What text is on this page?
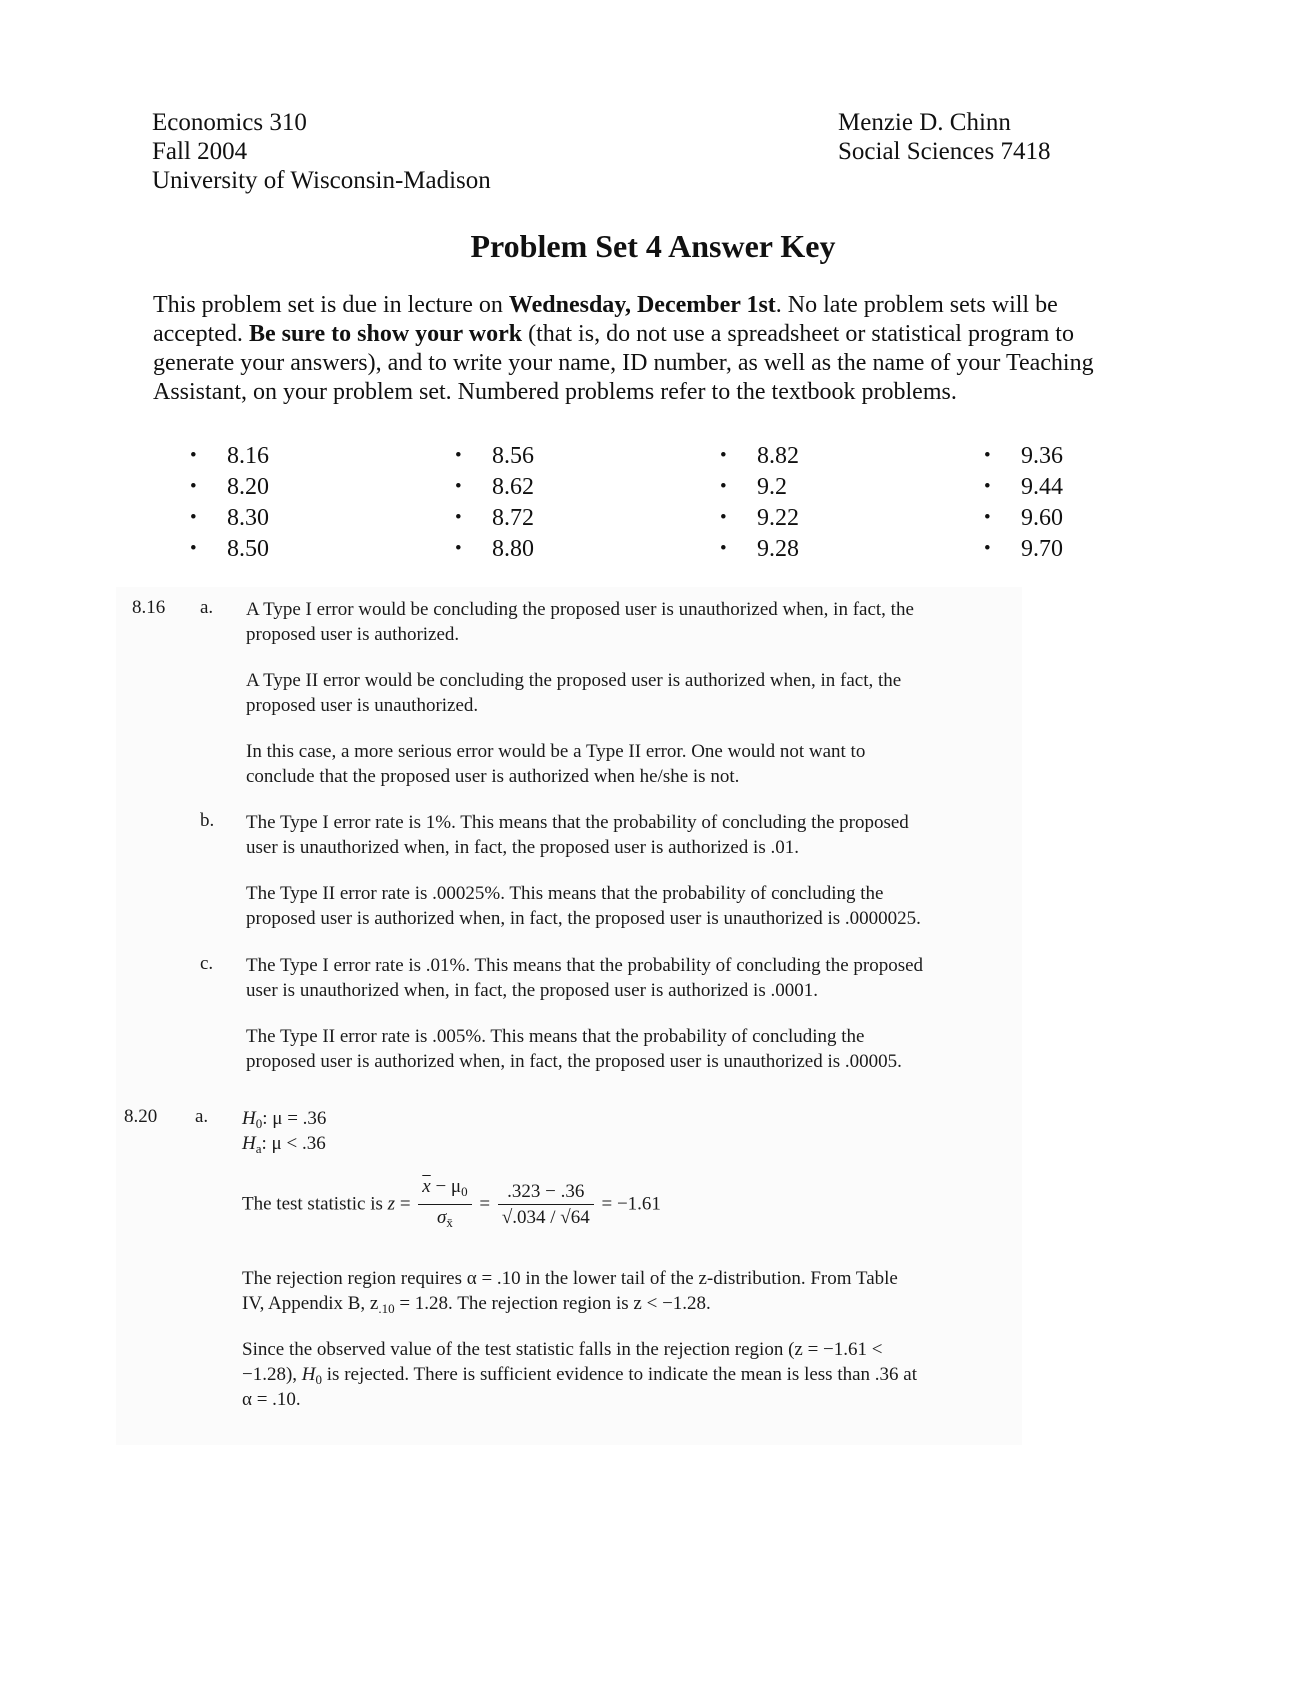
Economics 310
Fall 2004
University of Wisconsin-Madison
Menzie D. Chinn
Social Sciences 7418
Problem Set 4 Answer Key
This problem set is due in lecture on Wednesday, December 1st. No late problem sets will be accepted. Be sure to show your work (that is, do not use a spreadsheet or statistical program to generate your answers), and to write your name, ID number, as well as the name of your Teaching Assistant, on your problem set. Numbered problems refer to the textbook problems.
• 8.16
• 8.20
• 8.30
• 8.50
• 8.56
• 8.62
• 8.72
• 8.80
• 8.82
• 9.2
• 9.22
• 9.28
• 9.36
• 9.44
• 9.60
• 9.70
8.16 a. A Type I error would be concluding the proposed user is unauthorized when, in fact, the
proposed user is authorized.
A Type II error would be concluding the proposed user is authorized when, in fact, the
proposed user is unauthorized.
In this case, a more serious error would be a Type II error. One would not want to
conclude that the proposed user is authorized when he/she is not.
b. The Type I error rate is 1%. This means that the probability of concluding the proposed
user is unauthorized when, in fact, the proposed user is authorized is .01.
The Type II error rate is .00025%. This means that the probability of concluding the
proposed user is authorized when, in fact, the proposed user is unauthorized is .0000025.
c. The Type I error rate is .01%. This means that the probability of concluding the proposed
user is unauthorized when, in fact, the proposed user is authorized is .0001.
The Type II error rate is .005%. This means that the probability of concluding the
proposed user is authorized when, in fact, the proposed user is unauthorized is .00005.
8.20 a. $H_0$: μ = .36
$H_a$: μ < .36
The test statistic is $z = \frac{\overline{x} - \mu_0}{\sigma_{x̄}} = \frac{.323 - .36}{√.034 / √64} = -1.61$
The rejection region requires α = .10 in the lower tail of the z-distribution. From Table
IV, Appendix B, $z_{.10} = 1.28$. The rejection region is z < −1.28.
Since the observed value of the test statistic falls in the rejection region (z = −1.61 <
−1.28), $H_0$ is rejected. There is sufficient evidence to indicate the mean is less than .36 at
α = .10.
